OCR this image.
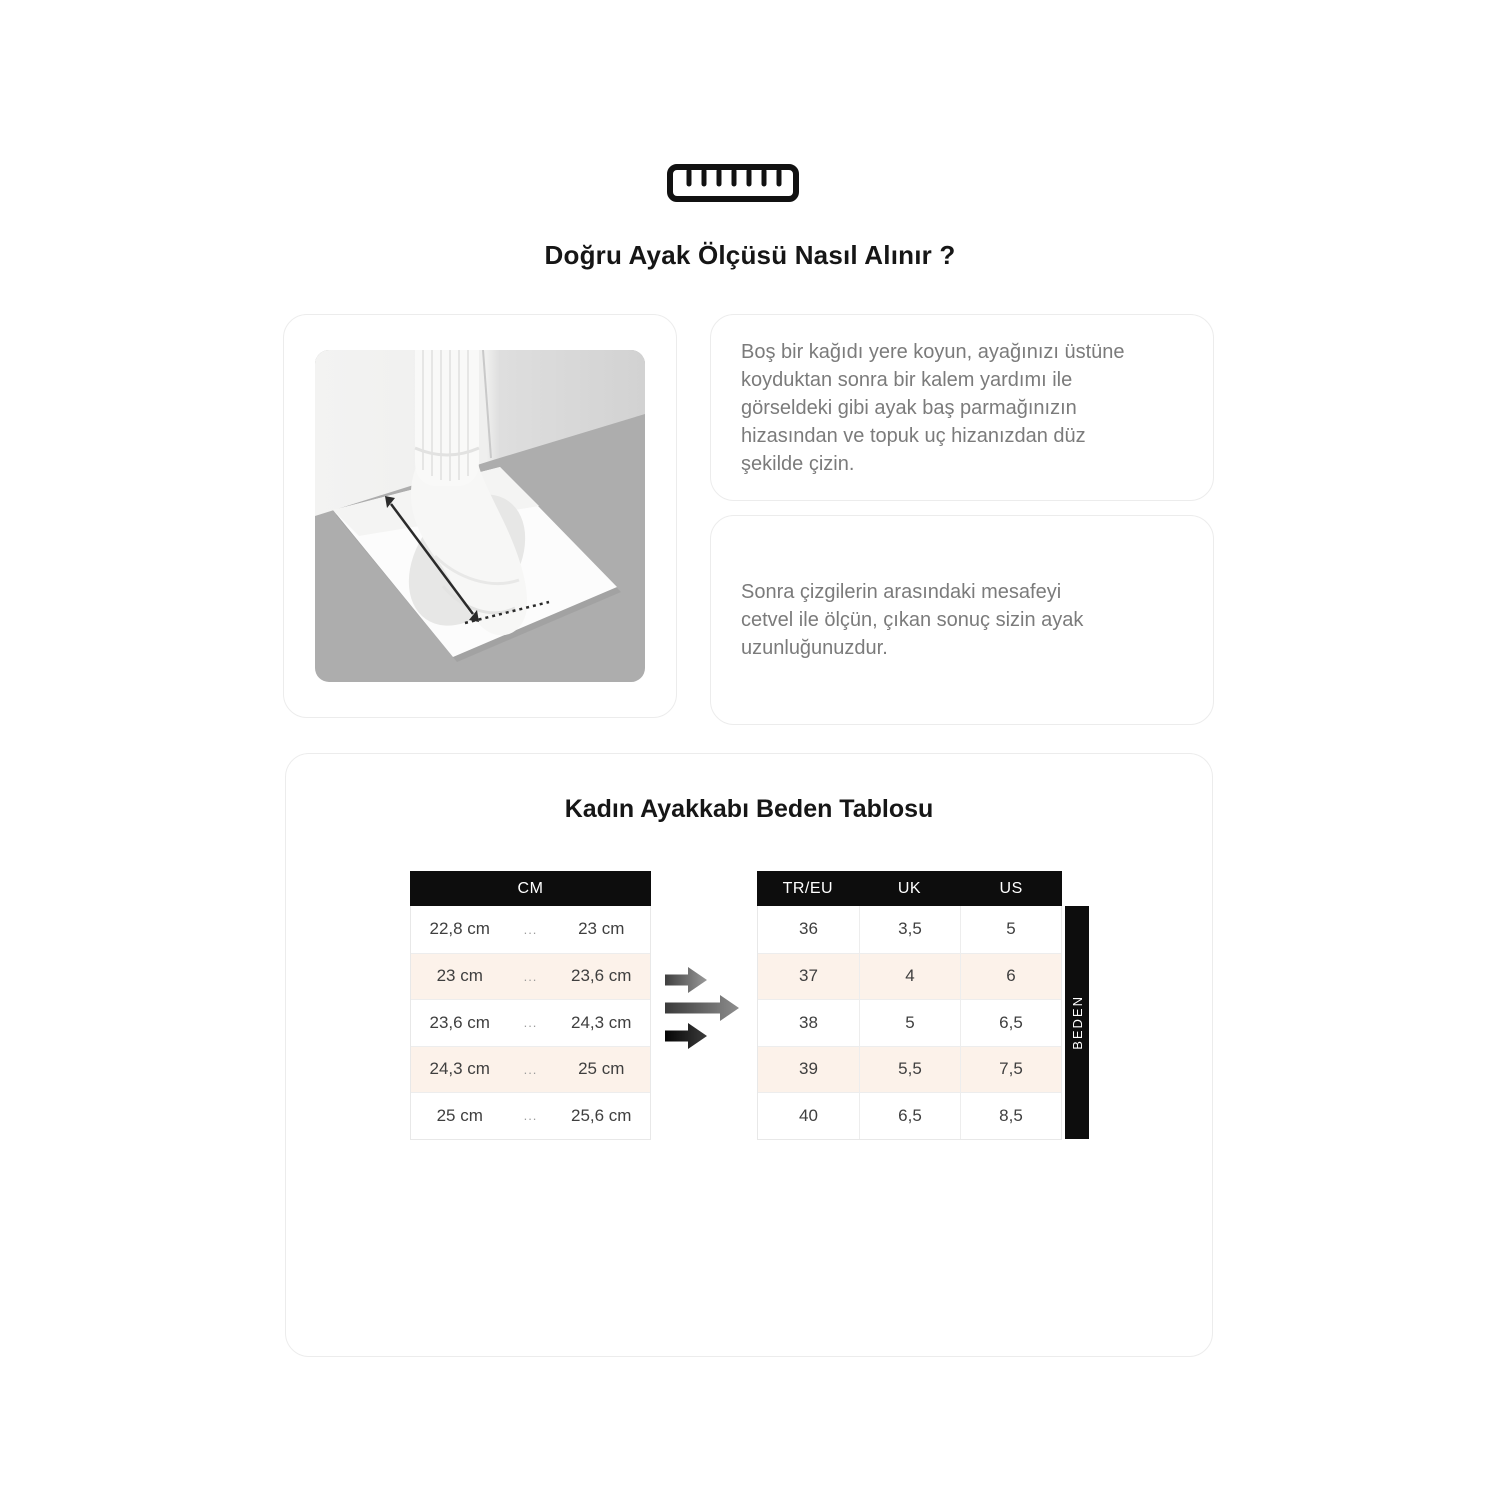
Doğru Ayak Ölçüsü Nasıl Alınır ?
Boş bir kağıdı yere koyun, ayağınızı üstüne
koyduktan sonra bir kalem yardımı ile
görseldeki gibi ayak baş parmağınızın
hizasından ve topuk uç hizanızdan düz
şekilde çizin.
Sonra çizgilerin arasındaki mesafeyi
cetvel ile ölçün, çıkan sonuç sizin ayak
uzunluğunuzdur.
Kadın Ayakkabı Beden Tablosu
CM
22,8 cm	...	23 cm
23 cm	...	23,6 cm
23,6 cm	...	24,3 cm
24,3 cm	...	25 cm
25 cm	...	25,6 cm
TR/EU	UK	US
36	3,5	5
37	4	6
38	5	6,5
39	5,5	7,5
40	6,5	8,5
BEDEN
